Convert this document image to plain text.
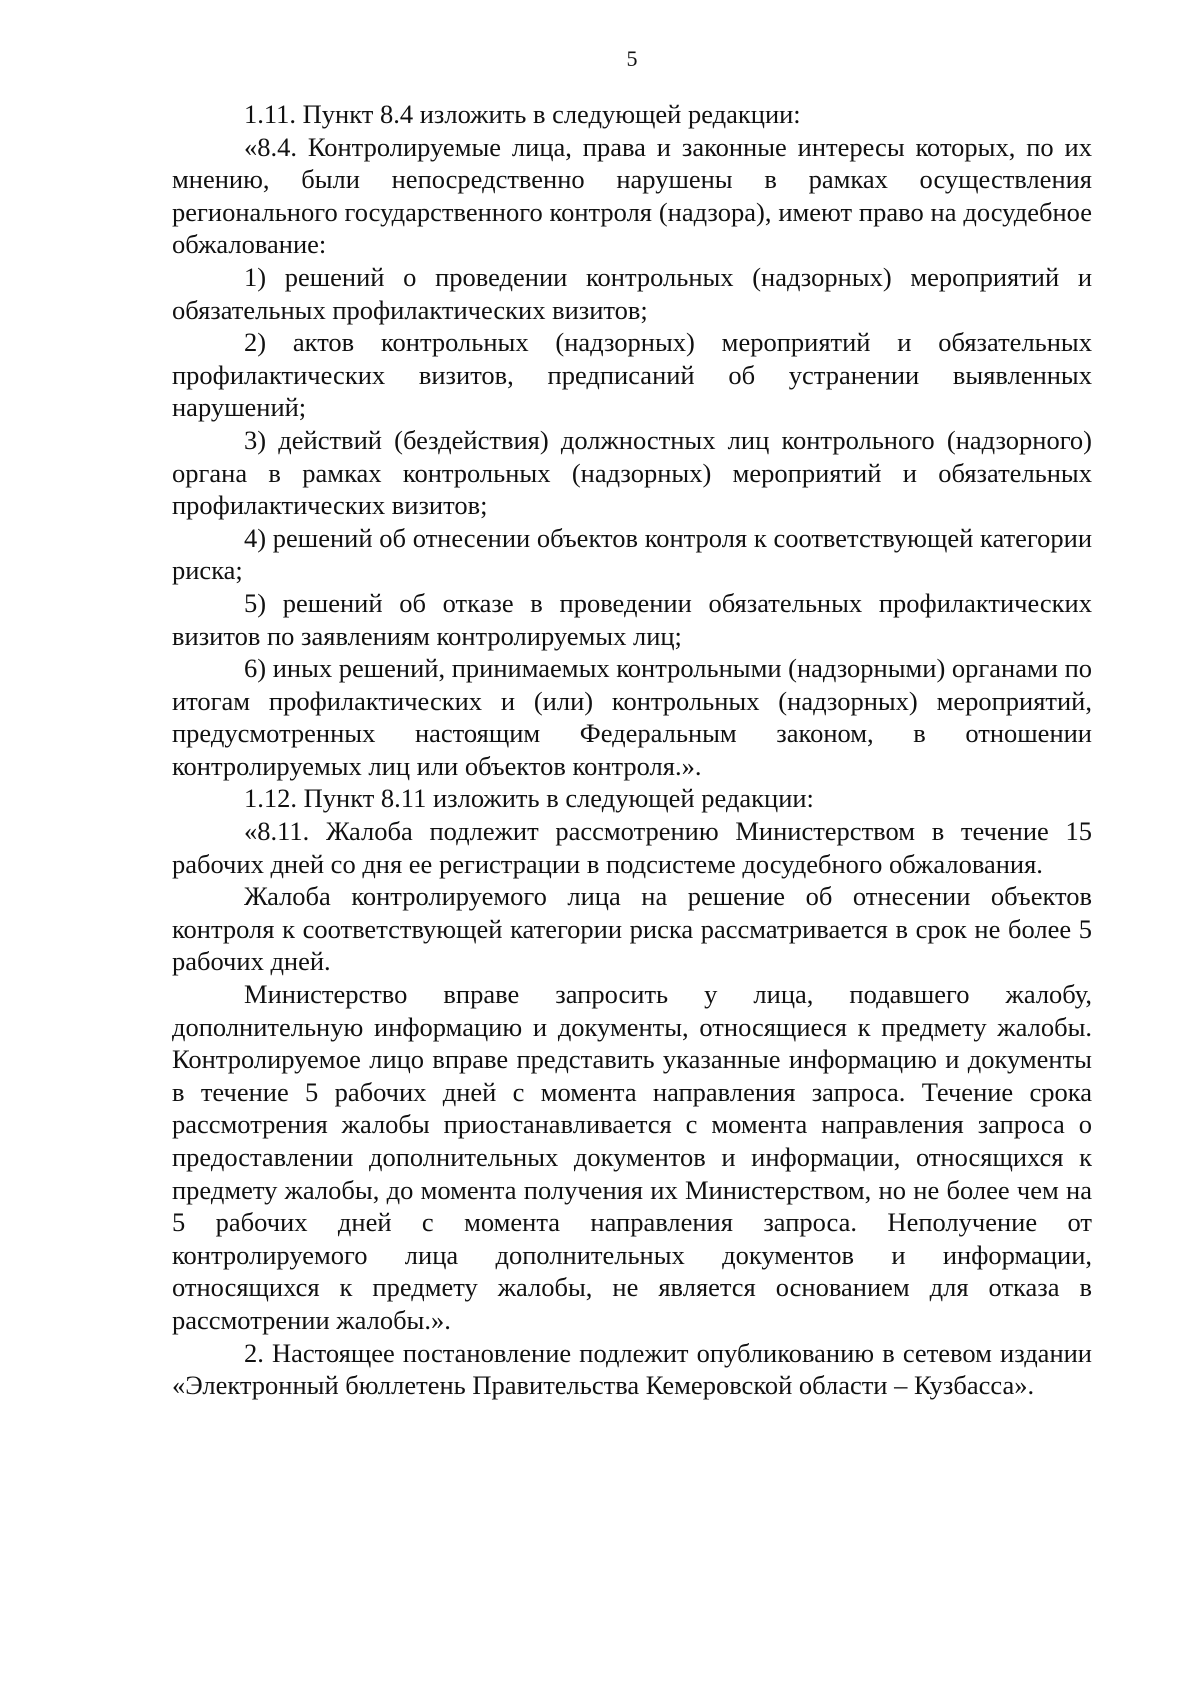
5

1.11. Пункт 8.4 изложить в следующей редакции:

«8.4. Контролируемые лица, права и законные интересы которых, по их мнению, были непосредственно нарушены в рамках осуществления регионального государственного контроля (надзора), имеют право на досудебное обжалование:

1) решений о проведении контрольных (надзорных) мероприятий и обязательных профилактических визитов;

2) актов контрольных (надзорных) мероприятий и обязательных профилактических визитов, предписаний об устранении выявленных нарушений;

3) действий (бездействия) должностных лиц контрольного (надзорного) органа в рамках контрольных (надзорных) мероприятий и обязательных профилактических визитов;

4) решений об отнесении объектов контроля к соответствующей категории риска;

5) решений об отказе в проведении обязательных профилактических визитов по заявлениям контролируемых лиц;

6) иных решений, принимаемых контрольными (надзорными) органами по итогам профилактических и (или) контрольных (надзорных) мероприятий, предусмотренных настоящим Федеральным законом, в отношении контролируемых лиц или объектов контроля.».

1.12. Пункт 8.11 изложить в следующей редакции:

«8.11. Жалоба подлежит рассмотрению Министерством в течение 15 рабочих дней со дня ее регистрации в подсистеме досудебного обжалования.

Жалоба контролируемого лица на решение об отнесении объектов контроля к соответствующей категории риска рассматривается в срок не более 5 рабочих дней.

Министерство вправе запросить у лица, подавшего жалобу, дополнительную информацию и документы, относящиеся к предмету жалобы. Контролируемое лицо вправе представить указанные информацию и документы в течение 5 рабочих дней с момента направления запроса. Течение срока рассмотрения жалобы приостанавливается с момента направления запроса о предоставлении дополнительных документов и информации, относящихся к предмету жалобы, до момента получения их Министерством, но не более чем на 5 рабочих дней с момента направления запроса. Неполучение от контролируемого лица дополнительных документов и информации, относящихся к предмету жалобы, не является основанием для отказа в рассмотрении жалобы.».

2. Настоящее постановление подлежит опубликованию в сетевом издании «Электронный бюллетень Правительства Кемеровской области – Кузбасса».
